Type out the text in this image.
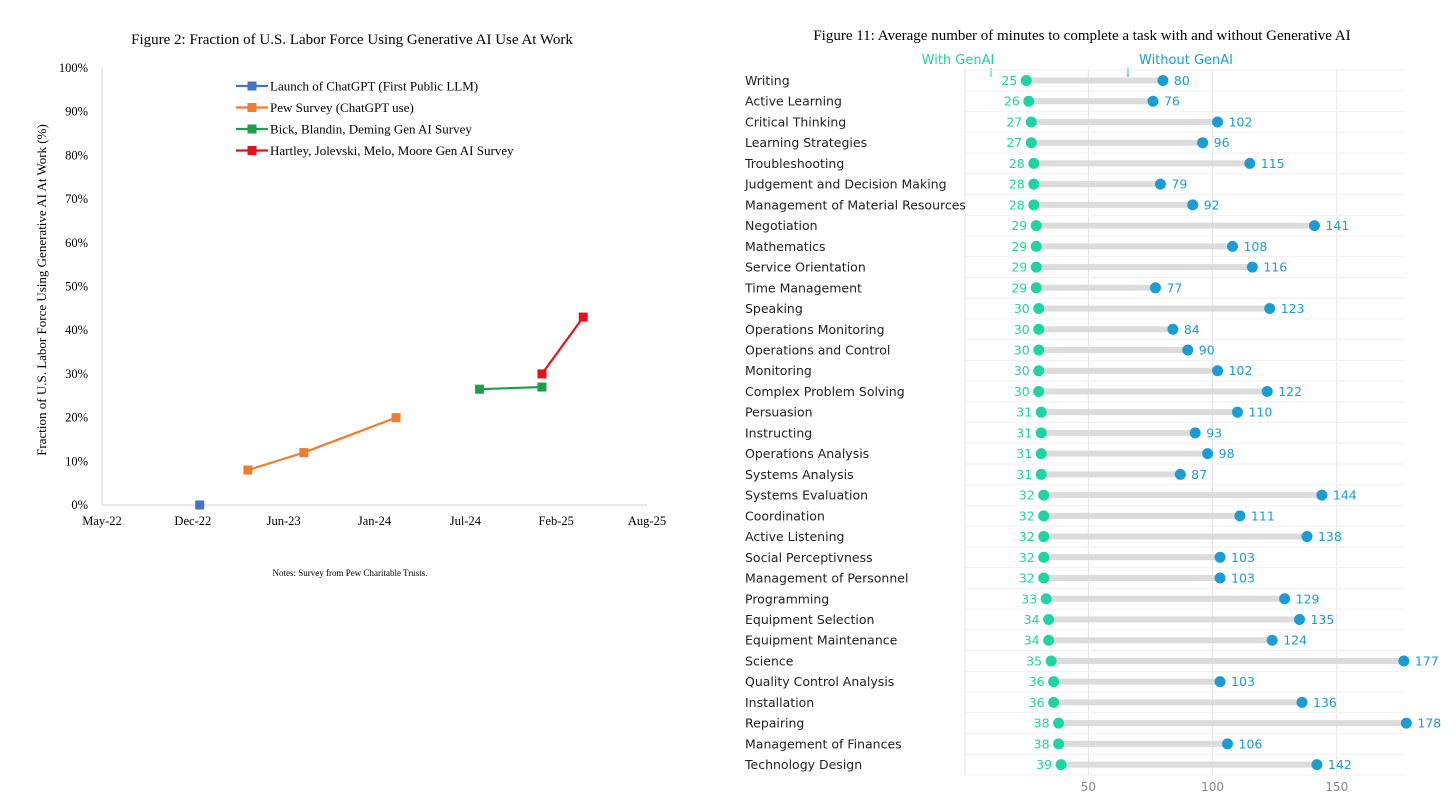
Figure 2: Fraction of U.S. Labor Force Using Generative AI Use At Work
0%
10%
20%
30%
40%
50%
60%
70%
80%
90%
100%
May-22	Dec-22	Jun-23	Jan-24	Jul-24	Feb-25	Aug-25
Fraction of U.S. Labor Force Using Generative AI At Work (%)
Launch of ChatGPT (First Public LLM)
Pew Survey (ChatGPT use)
Bick, Blandin, Deming Gen AI Survey
Hartley, Jolevski, Melo, Moore Gen AI Survey
Notes: Survey from Pew Charitable Trusts.
Figure 11: Average number of minutes to complete a task with and without Generative AI
With GenAI	Without GenAI
50	100	150
Writing	25	80
Active Learning	26	76
Critical Thinking	27	102
Learning Strategies	27	96
Troubleshooting	28	115
Judgement and Decision Making	28	79
Management of Material Resources	28	92
Negotiation	29	141
Mathematics	29	108
Service Orientation	29	116
Time Management	29	77
Speaking	30	123
Operations Monitoring	30	84
Operations and Control	30	90
Monitoring	30	102
Complex Problem Solving	30	122
Persuasion	31	110
Instructing	31	93
Operations Analysis	31	98
Systems Analysis	31	87
Systems Evaluation	32	144
Coordination	32	111
Active Listening	32	138
Social Perceptivness	32	103
Management of Personnel	32	103
Programming	33	129
Equipment Selection	34	135
Equipment Maintenance	34	124
Science	35	177
Quality Control Analysis	36	103
Installation	36	136
Repairing	38	178
Management of Finances	38	106
Technology Design	39	142
